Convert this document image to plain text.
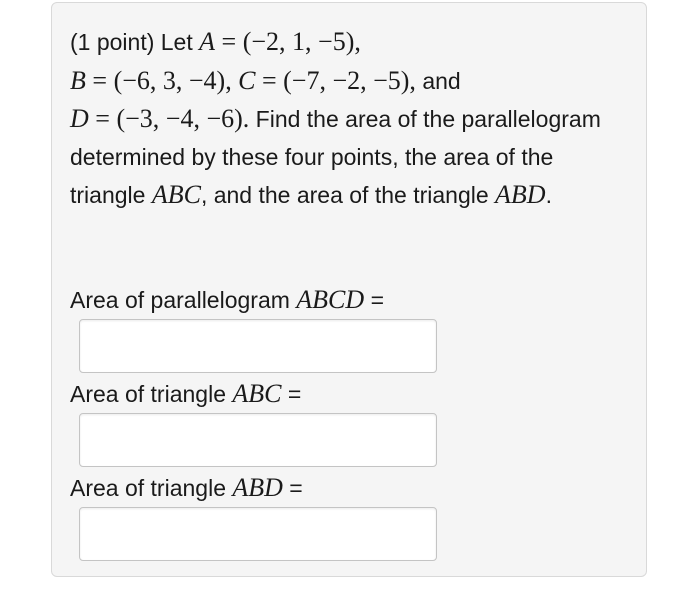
(1 point) Let A = (−2, 1, −5),
B = (−6, 3, −4), C = (−7, −2, −5), and
D = (−3, −4, −6). Find the area of the parallelogram determined by these four points, the area of the triangle ABC, and the area of the triangle ABD.
Area of parallelogram ABCD =
Area of triangle ABC =
Area of triangle ABD =
